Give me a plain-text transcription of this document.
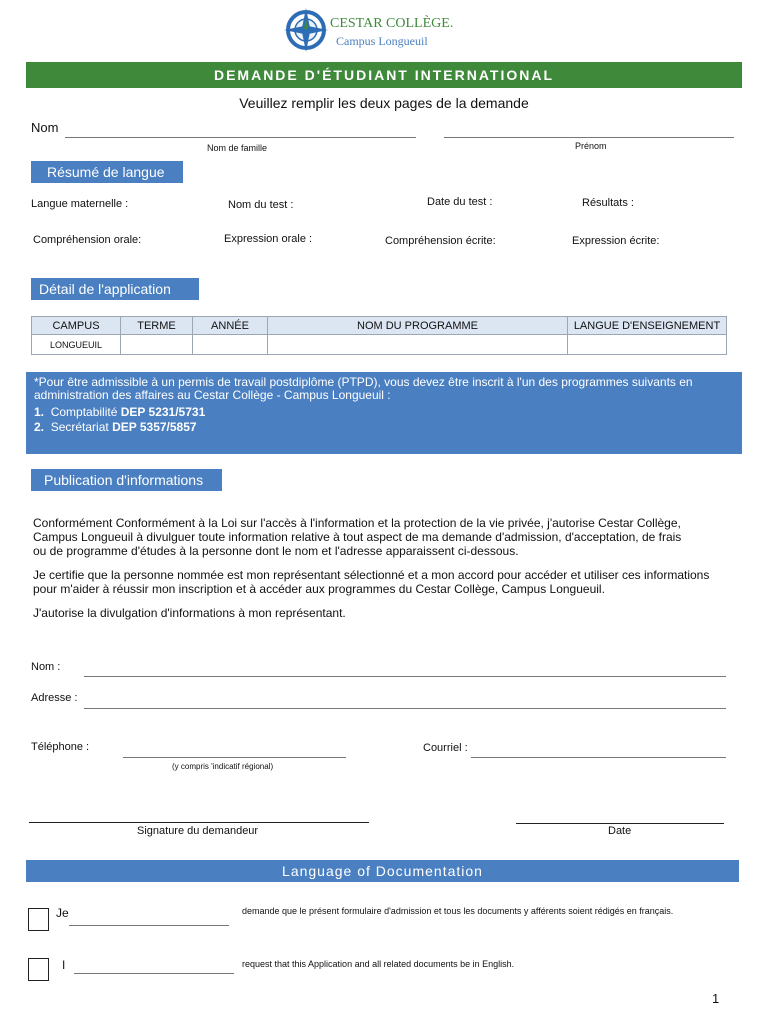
CESTAR COLLÈGE.
Campus Longueuil
DEMANDE D'ÉTUDIANT INTERNATIONAL
Veuillez remplir les deux pages de la demande
Nom
Nom de famille	Prénom
Résumé de langue
Langue maternelle :	Nom du test :	Date du test :	Résultats :
Compréhension orale:	Expression orale :	Compréhension écrite:	Expression écrite:
Détail de l'application
CAMPUS	TERME	ANNÉE	NOM DU PROGRAMME	LANGUE D'ENSEIGNEMENT
LONGUEUIL				
*Pour être admissible à un permis de travail postdiplôme (PTPD), vous devez être inscrit à l'un des programmes suivants en administration des affaires au Cestar Collège - Campus Longueuil :
1. Comptabilité DEP 5231/5731
2. Secrétariat DEP 5357/5857
Publication d'informations
Conformément Conformément à la Loi sur l'accès à l'information et la protection de la vie privée, j'autorise Cestar Collège, Campus Longueuil à divulguer toute information relative à tout aspect de ma demande d'admission, d'acceptation, de frais ou de programme d'études à la personne dont le nom et l'adresse apparaissent ci-dessous.
Je certifie que la personne nommée est mon représentant sélectionné et a mon accord pour accéder et utiliser ces informations pour m'aider à réussir mon inscription et à accéder aux programmes du Cestar Collège, Campus Longueuil.
J'autorise la divulgation d'informations à mon représentant.
Nom :
Adresse :
Téléphone :
(y compris 'indicatif régional)
Courriel :
Signature du demandeur	Date
Language of Documentation
Je	demande que le présent formulaire d'admission et tous les documents y afférents soient rédigés en français.
I	request that this Application and all related documents be in English.
1
